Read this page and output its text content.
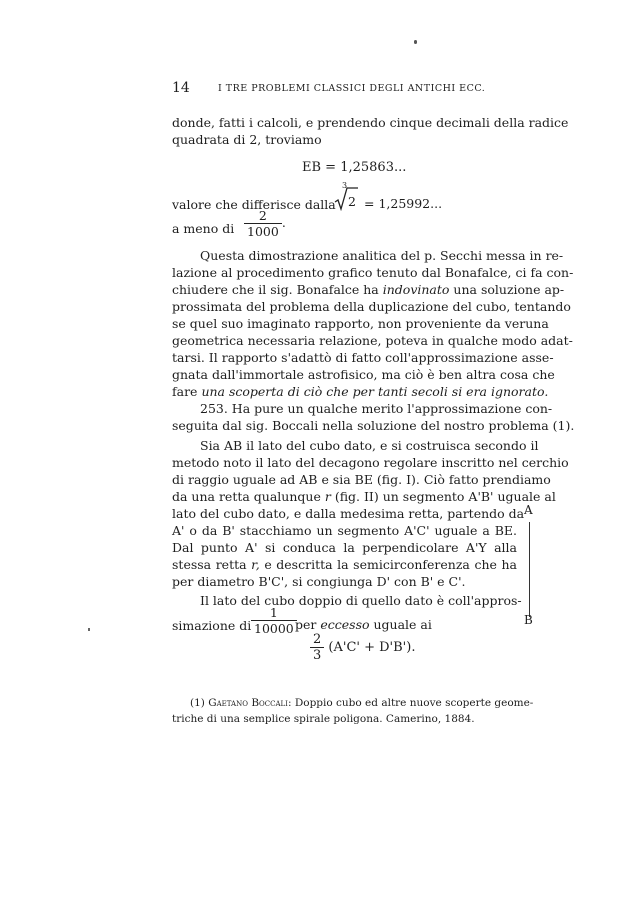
14	I TRE PROBLEMI CLASSICI DEGLI ANTICHI ECC.
donde, fatti i calcoli, e prendendo cinque decimali della radice
quadrata di 2, troviamo
EB = 1,25863...
valore che differisce dalla
3
2 = 1,25992...
a meno di $\frac{2}{1000}$ .
Questa dimostrazione analitica del p. Secchi messa in re-
lazione al procedimento grafico tenuto dal Bonafalce, ci fa con-
chiudere che il sig. Bonafalce ha indovinato una soluzione ap-
prossimata del problema della duplicazione del cubo, tentando
se quel suo imaginato rapporto, non proveniente da veruna
geometrica necessaria relazione, poteva in qualche modo adat-
tarsi. Il rapporto s'adattò di fatto coll'approssimazione asse-
gnata dall'immortale astrofisico, ma ciò è ben altra cosa che
fare una scoperta di ciò che per tanti secoli si era ignorato.
253. Ha pure un qualche merito l'approssimazione con-
seguita dal sig. Boccali nella soluzione del nostro problema (1).
Sia AB il lato del cubo dato, e si costruisca secondo il
metodo noto il lato del decagono regolare inscritto nel cerchio
di raggio uguale ad AB e sia BE (fig. I). Ciò fatto prendiamo
da una retta qualunque r (fig. II) un segmento A'B' uguale al
lato del cubo dato, e dalla medesima retta, partendo da
A' o da B' stacchiamo un segmento A'C' uguale a BE.
Dal punto A' si conduca la perpendicolare A'Y alla
stessa retta r, e descritta la semicirconferenza che ha
per diametro B'C', si congiunga D' con B' e C'.
Il lato del cubo doppio di quello dato è coll'appros-
simazione di $\frac{1}{10000}$
per eccesso uguale ai
A
B
$\frac{2}{3} (A'C' + D'B')$.
(1) Gaetano Boccali: Doppio cubo ed altre nuove scoperte geome-
triche di una semplice spirale poligona. Camerino, 1884.
